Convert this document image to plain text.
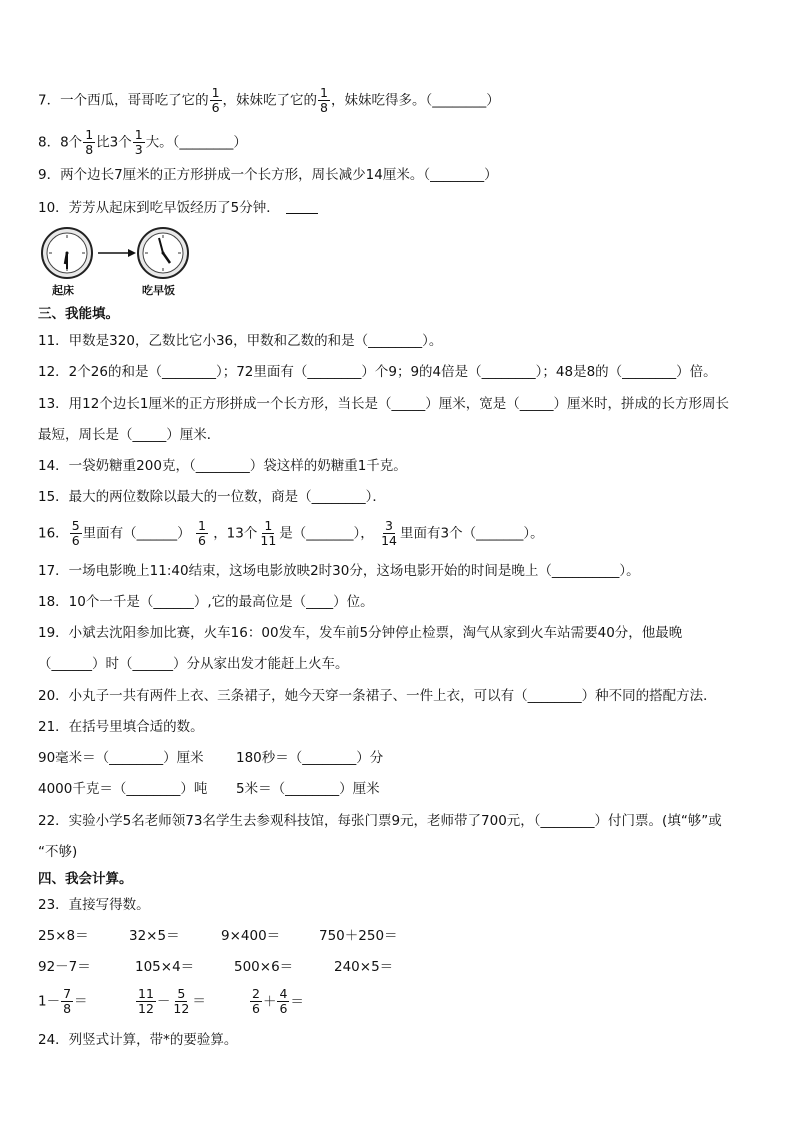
7．一个西瓜，哥哥吃了它的 $\frac{1}{6}$ ，妹妹吃了它的 $\frac{1}{8}$ ，妹妹吃得多。（________）
8．8个 $\frac{1}{8}$ 比3个 $\frac{1}{3}$ 大。（________）
9．两个边长7厘米的正方形拼成一个长方形，周长减少14厘米。（________）
10．芳芳从起床到吃早饭经历了5分钟．
起床	吃早饭
三、我能填。
11．甲数是320，乙数比它小36，甲数和乙数的和是（________）。
12．2个26的和是（________）；72里面有（________）个9；9的4倍是（________）；48是8的（________）倍。
13．用12个边长1厘米的正方形拼成一个长方形，当长是（_____）厘米，宽是（_____）厘米时，拼成的长方形周长
最短，周长是（_____）厘米．
14．一袋奶糖重200克，（________）袋这样的奶糖重1千克。
15．最大的两位数除以最大的一位数，商是（________）．
16． $\frac{5}{6}$ 里面有（______） $\frac{1}{6}$ ，13个 $\frac{1}{11}$ 是（_______）， $\frac{3}{14}$ 里面有3个（_______）。
17．一场电影晚上11:40结束，这场电影放映2时30分，这场电影开始的时间是晚上（__________）。
18．10个一千是（______）,它的最高位是（____）位。
19．小斌去沈阳参加比赛，火车16：00发车，发车前5分钟停止检票，淘气从家到火车站需要40分，他最晚
（______）时（______）分从家出发才能赶上火车。
20．小丸子一共有两件上衣、三条裙子，她今天穿一条裙子、一件上衣，可以有（________）种不同的搭配方法．
21．在括号里填合适的数。
90毫米＝（________）厘米 180秒＝（________）分
4000千克＝（________）吨 5米＝（________）厘米
22．实验小学5名老师领73名学生去参观科技馆，每张门票9元，老师带了700元，（________）付门票。(填“够”或
“不够)
四、我会计算。
23．直接写得数。
25×8＝	32×5＝	9×400＝	750＋250＝
92－7＝	105×4＝	500×6＝	240×5＝
$1- \frac{7}{8}$ ＝	$\frac{11}{12} - \frac{5}{12}$ ＝	$\frac{2}{6} + \frac{4}{6}$ ＝
24．列竖式计算，带*的要验算。
